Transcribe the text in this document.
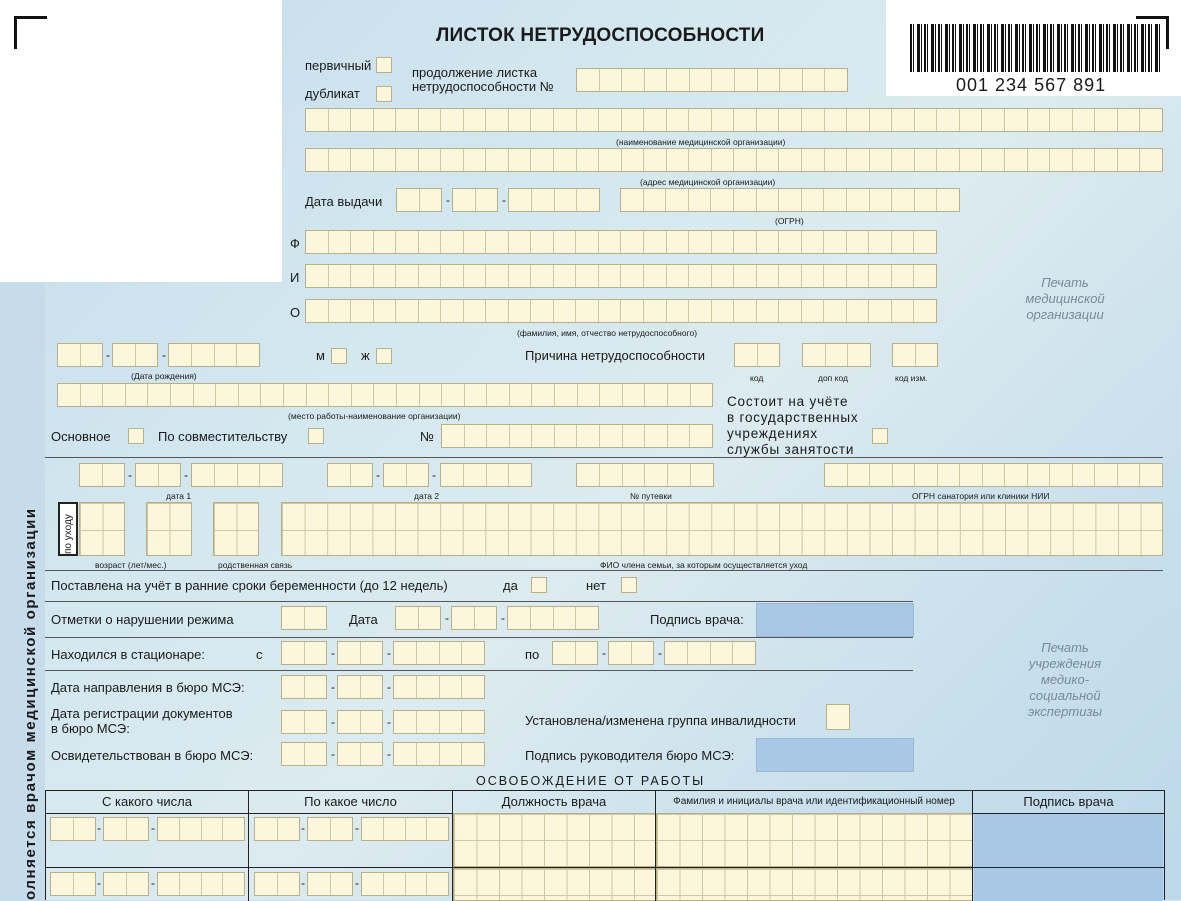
001 234 567 891
ЛИСТОК НЕТРУДОСПОСОБНОСТИ
олняется врачом медицинской организации
первичный
дубликат
продолжение листка
нетрудоспособности №
(наименование медицинской организации)
(адрес медицинской организации)
Дата выдачи	-	-
(ОГРН)
Ф
И
О
(фамилия, имя, отчество нетрудоспособного)
Печать
медицинской
организации
-	-
(Дата рождения)
м	ж	Причина нетрудоспособности
код	доп код	код изм.
(место работы-наименование организации)
Основное	По совместительству	№
Состоит на учёте
в государственных
учреждениях
службы занятости
-	-
дата 1
-	-
дата 2	№ путевки	ОГРН санатория или клиники НИИ
по уходу
возраст (лет/мес.)	родственная связь	ФИО члена семьи, за которым осуществляется уход
Поставлена на учёт в ранние сроки беременности (до 12 недель)	да	нет
Отметки о нарушении режима	Дата	-	-	Подпись врача:
Находился в стационаре:	с	-	-	по	-	-
Дата направления в бюро МСЭ:	-	-
Дата регистрации документов
в бюро МСЭ:	-	-	Установлена/изменена группа инвалидности
Освидетельствован в бюро МСЭ:	-	-	Подпись руководителя бюро МСЭ:
Печать
учреждения
медико-
социальной
экспертизы
ОСВОБОЖДЕНИЕ ОТ РАБОТЫ
С какого числа	По какое число	Должность врача	Фамилия и инициалы врача или идентификационный номер	Подпись врача
-	-	-	-
-	-	-	-
